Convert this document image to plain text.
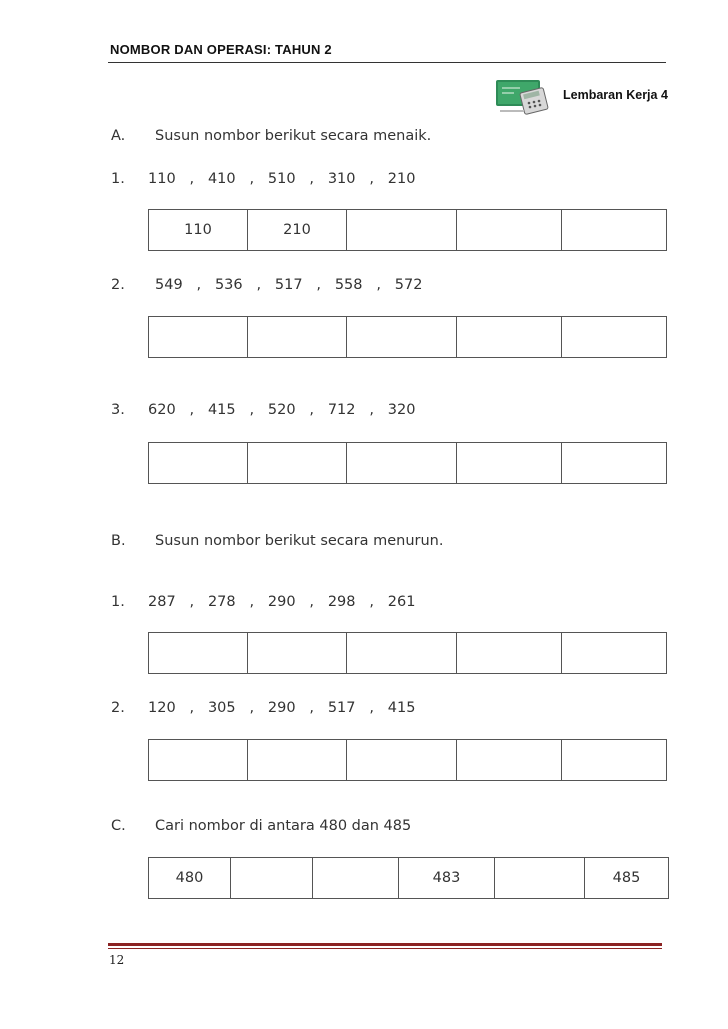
NOMBOR DAN OPERASI: TAHUN 2
Lembaran Kerja 4
A. Susun nombor berikut secara menaik.
1. 110   ,   410   ,   510   ,   310   ,   210
110	210			
2. 549   ,   536   ,   517   ,   558   ,   572

3. 620   ,   415   ,   520   ,   712   ,   320

B. Susun nombor berikut secara menurun.
1. 287   ,   278   ,   290   ,   298   ,   261

2. 120   ,   305   ,   290   ,   517   ,   415

C. Cari nombor di antara 480 dan 485
480			483		485
12
